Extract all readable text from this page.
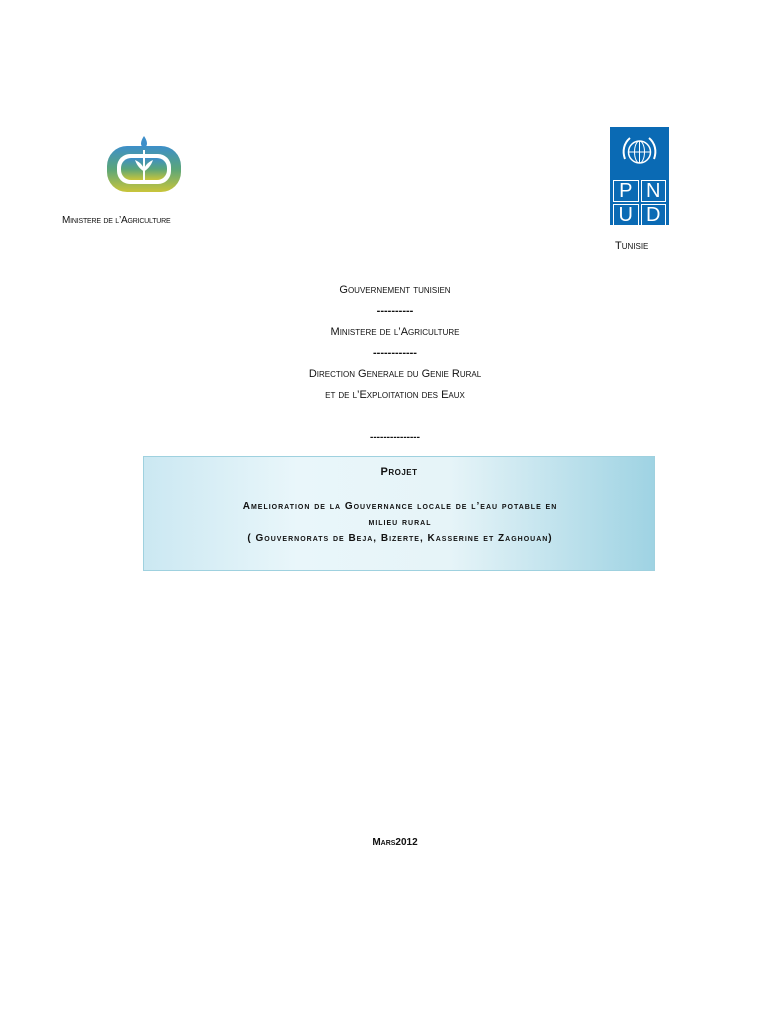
Ministere de l’Agriculture
P N
U D
Tunisie
Gouvernement tunisien
----------
Ministere de l’Agriculture
------------
Direction Generale du Genie Rural
et de l’Exploitation des Eaux
---------------
Projet
Amelioration de la Gouvernance locale de l’eau potable en
milieu rural
( Gouvernorats de Beja, Bizerte, Kasserine et Zaghouan)
Mars2012
